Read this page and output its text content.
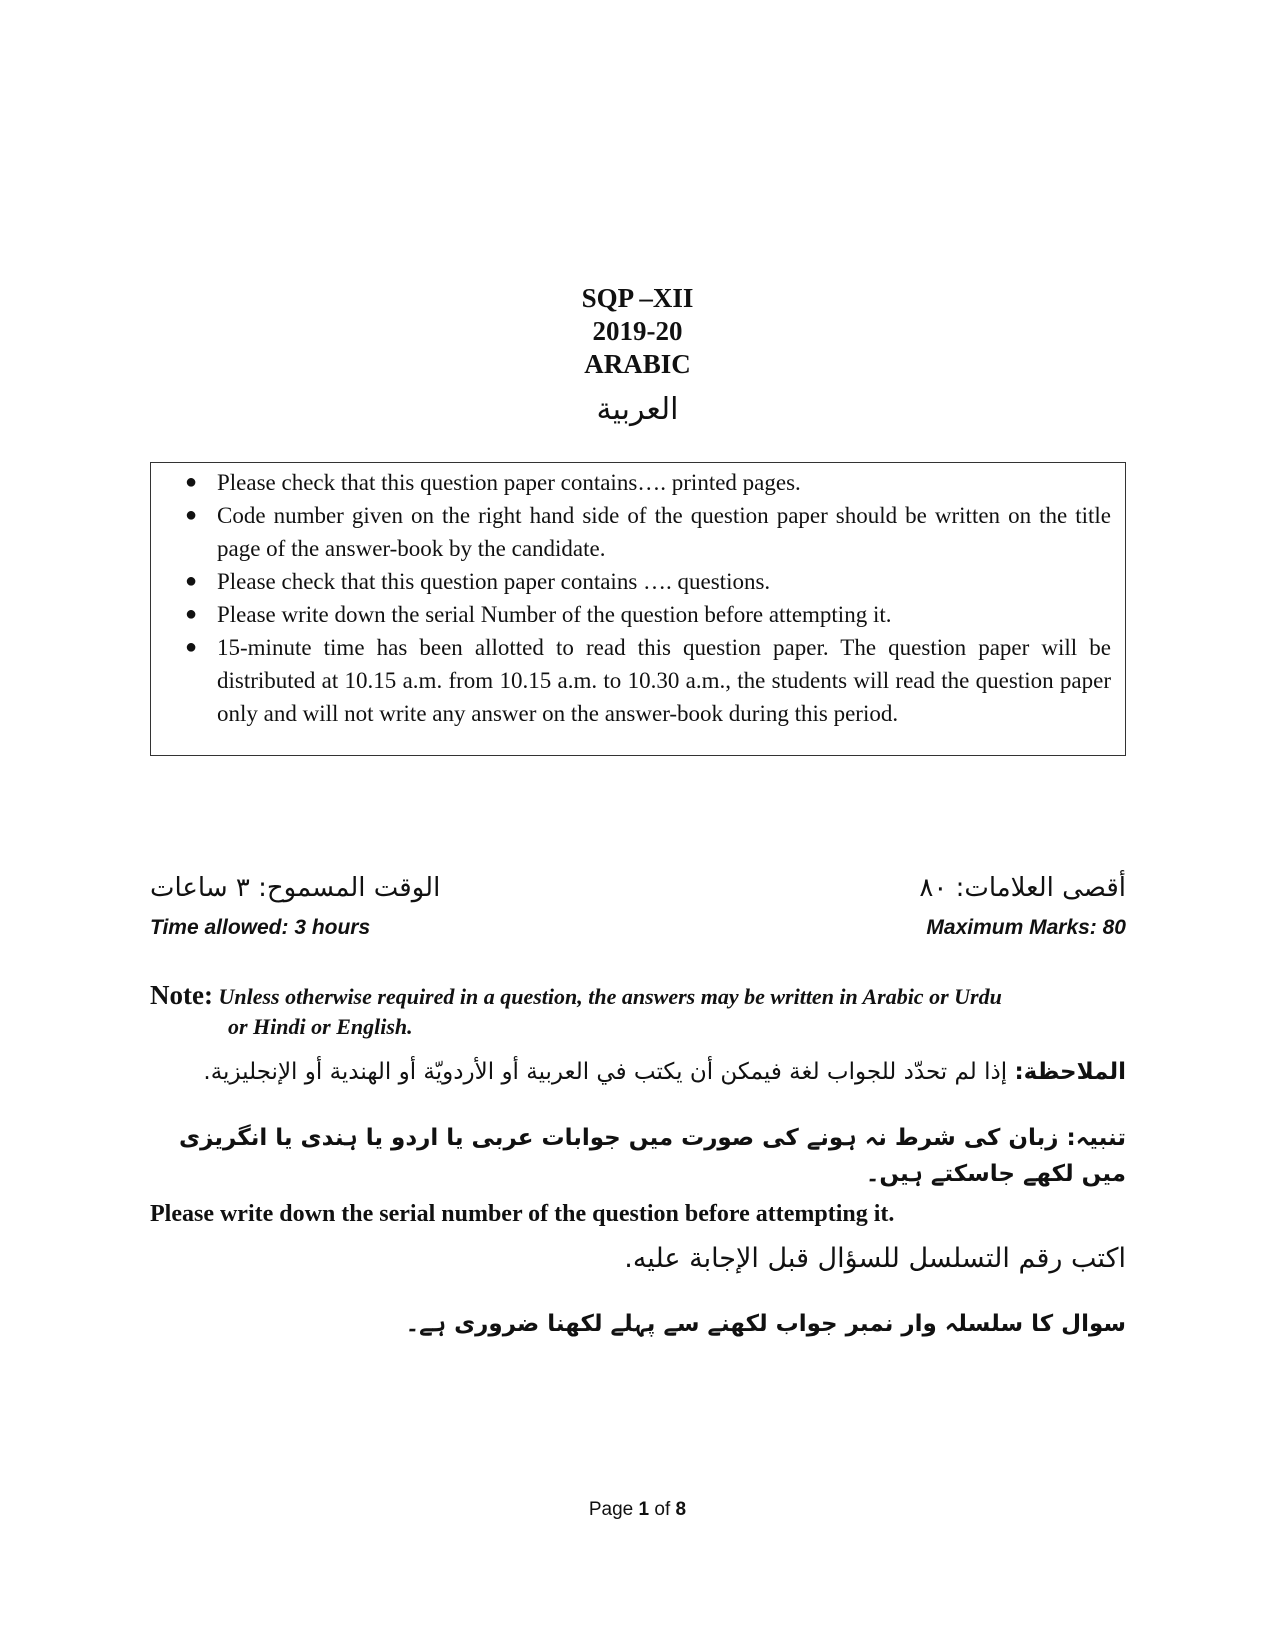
SQP –XII
2019-20
ARABIC
العربية
● Please check that this question paper contains…. printed pages.
● Code number given on the right hand side of the question paper should be written on the title page of the answer-book by the candidate.
● Please check that this question paper contains …. questions.
● Please write down the serial Number of the question before attempting it.
● 15-minute time has been allotted to read this question paper. The question paper will be distributed at 10.15 a.m. from 10.15 a.m. to 10.30 a.m., the students will read the question paper only and will not write any answer on the answer-book during this period.
الوقت المسموح: ٣ ساعات	أقصى العلامات: ٨٠
Time allowed: 3 hours	Maximum Marks: 80
Note: Unless otherwise required in a question, the answers may be written in Arabic or Urdu
or Hindi or English.
الملاحظة: إذا لم تحدّد للجواب لغة فيمكن أن يكتب في العربية أو الأردويّة أو الهندية أو الإنجليزية.
تنبیہ: زبان کی شرط نہ ہونے کی صورت میں جوابات عربی یا اردو یا ہندی یا انگریزی میں لکھے جاسکتے ہیں۔
Please write down the serial number of the question before attempting it.
اكتب رقم التسلسل للسؤال قبل الإجابة عليه.
سوال کا سلسلہ وار نمبر جواب لکھنے سے پہلے لکھنا ضروری ہے۔
Page 1 of 8
